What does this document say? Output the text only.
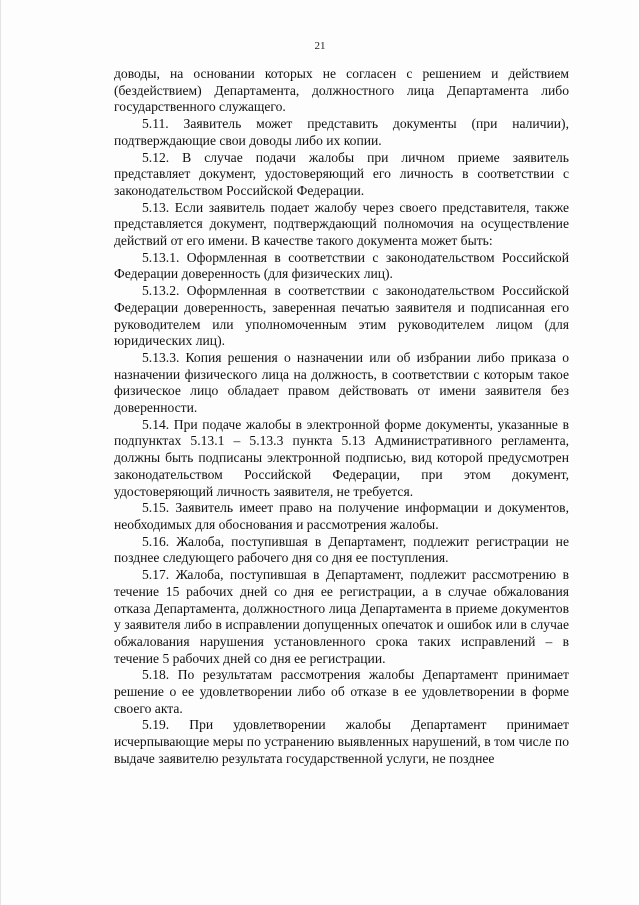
21

доводы, на основании которых не согласен с решением и действием (бездействием) Департамента, должностного лица Департамента либо государственного служащего.

5.11. Заявитель может представить документы (при наличии), подтверждающие свои доводы либо их копии.

5.12. В случае подачи жалобы при личном приеме заявитель представляет документ, удостоверяющий его личность в соответствии с законодательством Российской Федерации.

5.13. Если заявитель подает жалобу через своего представителя, также представляется документ, подтверждающий полномочия на осуществление действий от его имени. В качестве такого документа может быть:

5.13.1. Оформленная в соответствии с законодательством Российской Федерации доверенность (для физических лиц).

5.13.2. Оформленная в соответствии с законодательством Российской Федерации доверенность, заверенная печатью заявителя и подписанная его руководителем или уполномоченным этим руководителем лицом (для юридических лиц).

5.13.3. Копия решения о назначении или об избрании либо приказа о назначении физического лица на должность, в соответствии с которым такое физическое лицо обладает правом действовать от имени заявителя без доверенности.

5.14. При подаче жалобы в электронной форме документы, указанные в подпунктах 5.13.1 – 5.13.3 пункта 5.13 Административного регламента, должны быть подписаны электронной подписью, вид которой предусмотрен законодательством Российской Федерации, при этом документ, удостоверяющий личность заявителя, не требуется.

5.15. Заявитель имеет право на получение информации и документов, необходимых для обоснования и рассмотрения жалобы.

5.16. Жалоба, поступившая в Департамент, подлежит регистрации не позднее следующего рабочего дня со дня ее поступления.

5.17. Жалоба, поступившая в Департамент, подлежит рассмотрению в течение 15 рабочих дней со дня ее регистрации, а в случае обжалования отказа Департамента, должностного лица Департамента в приеме документов у заявителя либо в исправлении допущенных опечаток и ошибок или в случае обжалования нарушения установленного срока таких исправлений – в течение 5 рабочих дней со дня ее регистрации.

5.18. По результатам рассмотрения жалобы Департамент принимает решение о ее удовлетворении либо об отказе в ее удовлетворении в форме своего акта.

5.19. При удовлетворении жалобы Департамент принимает исчерпывающие меры по устранению выявленных нарушений, в том числе по выдаче заявителю результата государственной услуги, не позднее
